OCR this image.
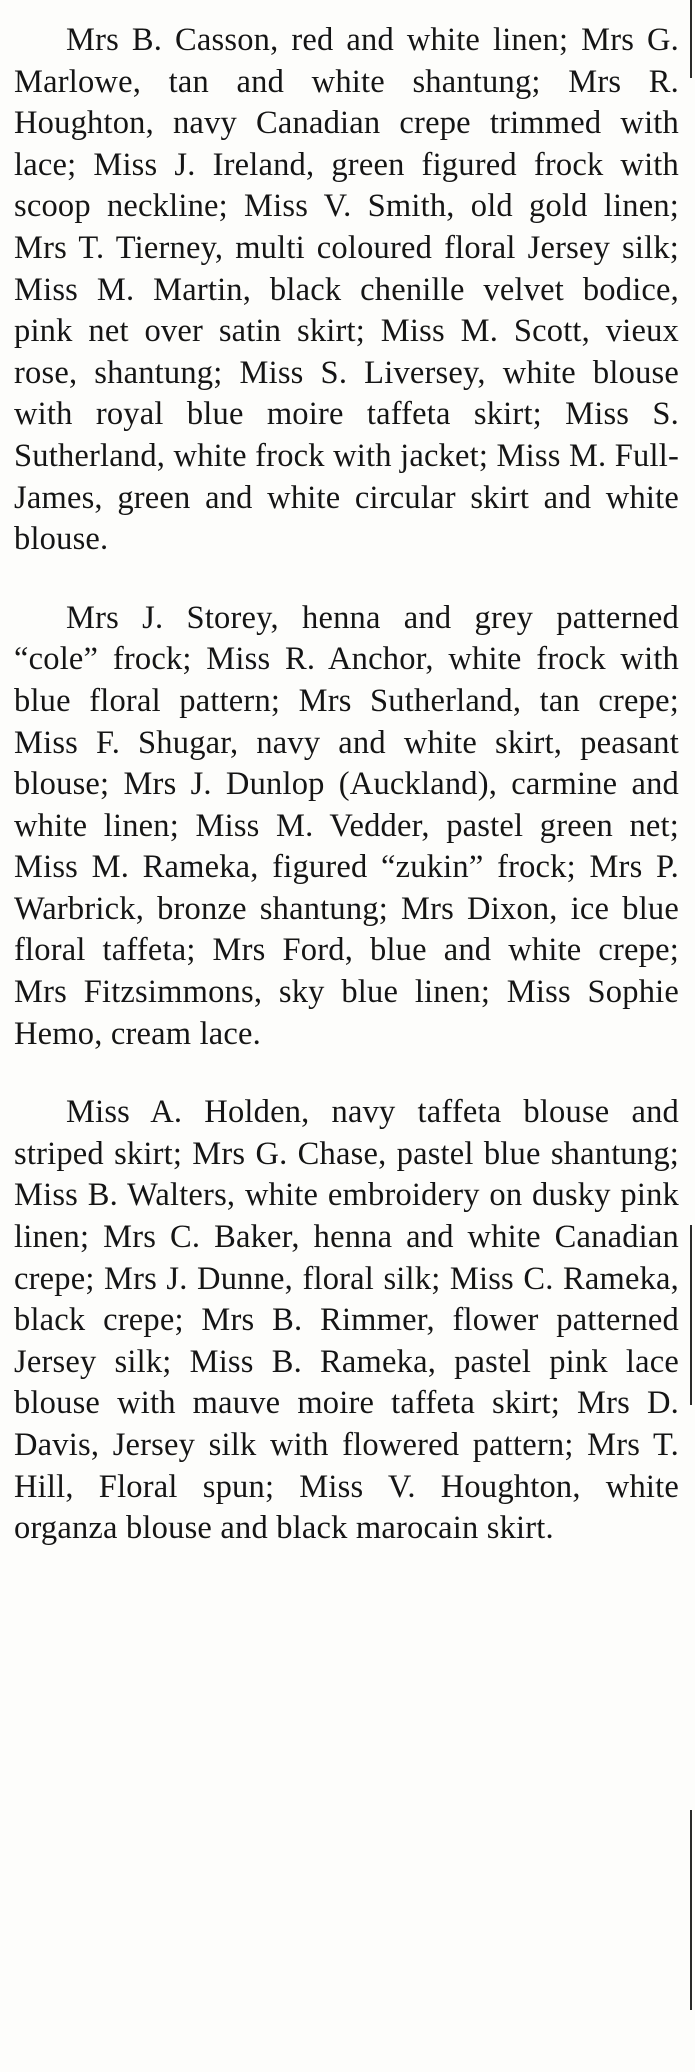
Mrs B. Casson, red and white linen; Mrs G. Marlowe, tan and white shantung; Mrs R. Houghton, navy Canadian crepe trimmed with lace; Miss J. Ireland, green figured frock with scoop neckline; Miss V. Smith, old gold linen; Mrs T. Tierney, multi coloured floral Jersey silk; Miss M. Martin, black chenille velvet bodice, pink net over satin skirt; Miss M. Scott, vieux rose, shantung; Miss S. Liversey, white blouse with royal blue moire taffeta skirt; Miss S. Sutherland, white frock with jacket; Miss M. Full-James, green and white circular skirt and white blouse.

Mrs J. Storey, henna and grey patterned “cole” frock; Miss R. Anchor, white frock with blue floral pattern; Mrs Sutherland, tan crepe; Miss F. Shugar, navy and white skirt, peasant blouse; Mrs J. Dunlop (Auckland), carmine and white linen; Miss M. Vedder, pastel green net; Miss M. Rameka, figured “zukin” frock; Mrs P. Warbrick, bronze shantung; Mrs Dixon, ice blue floral taffeta; Mrs Ford, blue and white crepe; Mrs Fitzsimmons, sky blue linen; Miss Sophie Hemo, cream lace.

Miss A. Holden, navy taffeta blouse and striped skirt; Mrs G. Chase, pastel blue shantung; Miss B. Walters, white embroidery on dusky pink linen; Mrs C. Baker, henna and white Canadian crepe; Mrs J. Dunne, floral silk; Miss C. Rameka, black crepe; Mrs B. Rimmer, flower patterned Jersey silk; Miss B. Rameka, pastel pink lace blouse with mauve moire taffeta skirt; Mrs D. Davis, Jersey silk with flowered pattern; Mrs T. Hill, Floral spun; Miss V. Houghton, white organza blouse and black marocain skirt.
